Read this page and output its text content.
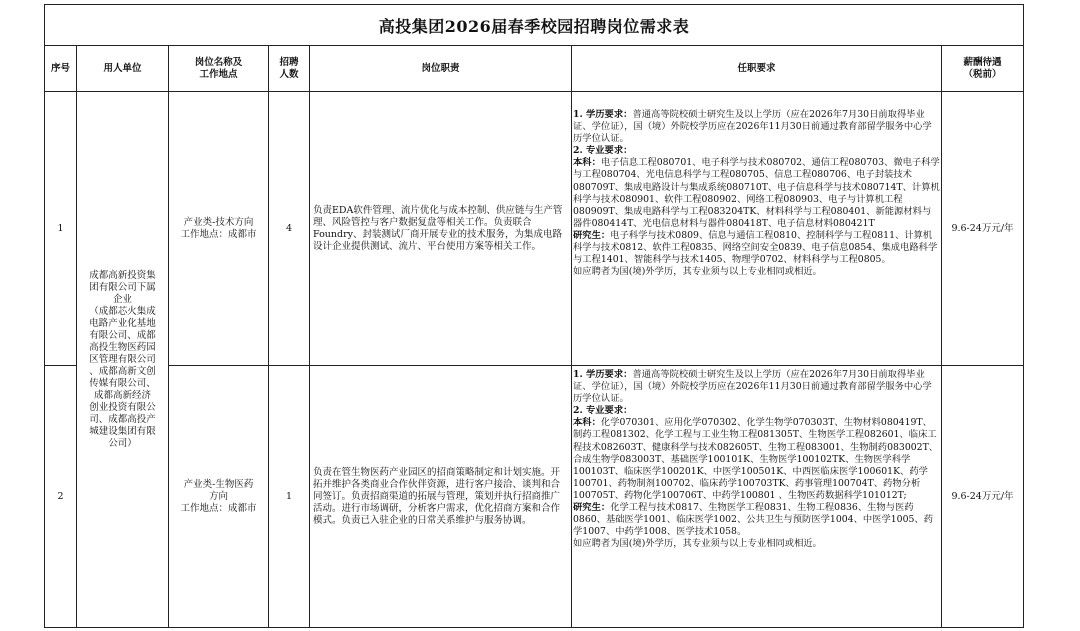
高投集团2026届春季校园招聘岗位需求表
序号	用人单位
岗位名称及
工作地点
招聘
人数
岗位职责	任职要求
薪酬待遇
（税前）
成都高新投资集
团有限公司下属
企业
（成都芯火集成
电路产业化基地
有限公司、成都
高投生物医药园
区管理有限公司
、成都高新文创
传媒有限公司、
成都高新经济
创业投资有限公
司、成都高投产
城建设集团有限
公司）
1
产业类-技术方向
工作地点：成都市
4
负责EDA软件管理、流片优化与成本控制、供应链与生产管理、风险管控与客户数据复盘等相关工作。负责联合Foundry、封装测试厂商开展专业的技术服务，为集成电路设计企业提供测试、流片、平台使用方案等相关工作。

1. 学历要求：普通高等院校硕士研究生及以上学历（应在2026年7月30日前取得毕业证、学位证），国（境）外院校学历应在2026年11月30日前通过教育部留学服务中心学历学位认证。

2. 专业要求：

本科：电子信息工程080701、电子科学与技术080702、通信工程080703、微电子科学与工程080704、光电信息科学与工程080705、信息工程080706、电子封装技术080709T、集成电路设计与集成系统080710T、电子信息科学与技术080714T、计算机科学与技术080901、软件工程080902、网络工程080903、电子与计算机工程080909T、集成电路科学与工程083204TK、材料科学与工程080401、新能源材料与器件080414T、光电信息材料与器件080418T、电子信息材料080421T

研究生：电子科学与技术0809、信息与通信工程0810、控制科学与工程0811、计算机科学与技术0812、软件工程0835、网络空间安全0839、电子信息0854、集成电路科学与工程1401、智能科学与技术1405、物理学0702、材料科学与工程0805。

如应聘者为国(境)外学历，其专业须与以上专业相同或相近。

9.6-24万元/年
2
产业类-生物医药
方向
工作地点：成都市
1
负责在管生物医药产业园区的招商策略制定和计划实施。开拓并维护各类商业合作伙伴资源，进行客户接洽、谈判和合同签订。负责招商渠道的拓展与管理，策划并执行招商推广活动。进行市场调研，分析客户需求，优化招商方案和合作模式。负责已入驻企业的日常关系维护与服务协调。

1. 学历要求：普通高等院校硕士研究生及以上学历（应在2026年7月30日前取得毕业证、学位证），国（境）外院校学历应在2026年11月30日前通过教育部留学服务中心学历学位认证。

2. 专业要求：

本科：化学070301、应用化学070302、化学生物学070303T、生物材料080419T、制药工程081302、化学工程与工业生物工程081305T、生物医学工程082601、临床工程技术082603T、健康科学与技术082605T、生物工程083001、生物制药083002T、合成生物学083003T、基础医学100101K、生物医学100102TK、生物医学科学100103T、临床医学100201K、中医学100501K、中西医临床医学100601K、药学100701、药物制剂100702、临床药学100703TK、药事管理100704T、药物分析100705T、药物化学100706T、中药学100801 、生物医药数据科学101012T;

研究生：化学工程与技术0817、生物医学工程0831、生物工程0836、生物与医药0860、基础医学1001、临床医学1002、公共卫生与预防医学1004、中医学1005、药学1007、中药学1008、医学技术1058。

如应聘者为国(境)外学历，其专业须与以上专业相同或相近。

9.6-24万元/年
